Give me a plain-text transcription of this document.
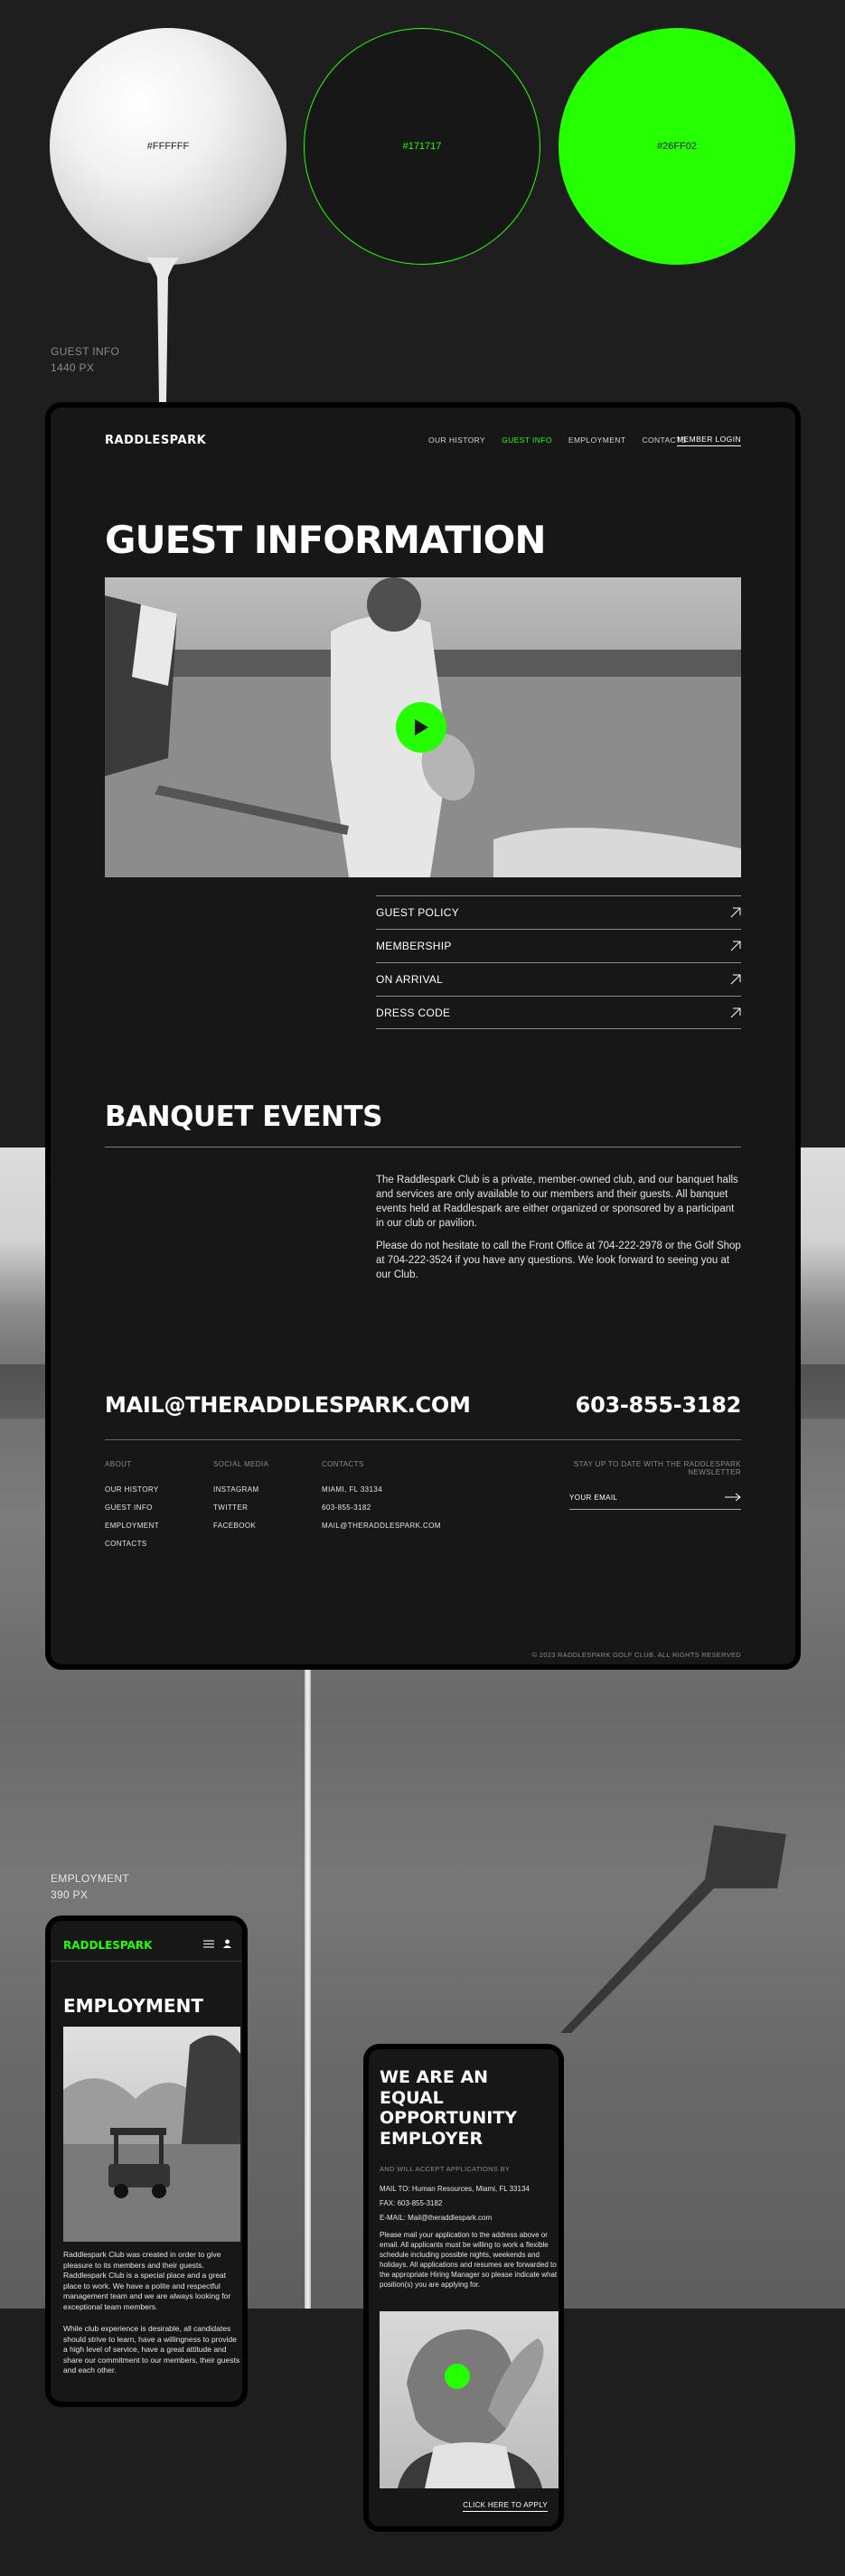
#FFFFFF	#171717	#26FF02
GUEST INFO
1440 PX
EMPLOYMENT
390 PX
RADDLESPARK	OUR HISTORY GUEST INFO EMPLOYMENT CONTACTS
MEMBER LOGIN
GUEST INFORMATION
GUEST POLICY
MEMBERSHIP
ON ARRIVAL
DRESS CODE
BANQUET EVENTS

The Raddlespark Club is a private, member-owned club, and our banquet halls and services are only available to our members and their guests. All banquet events held at Raddlespark are either organized or sponsored by a participant in our club or pavilion.

Please do not hesitate to call the Front Office at 704-222-2978 or the Golf Shop at 704-222-3524 if you have any questions. We look forward to seeing you at our Club.

MAIL@THERADDLESPARK.COM	603-855-3182
ABOUT
OUR HISTORY
GUEST INFO
EMPLOYMENT
CONTACTS
SOCIAL MEDIA
INSTAGRAM
TWITTER
FACEBOOK
CONTACTS
MIAMI, FL 33134
603-855-3182
MAIL@THERADDLESPARK.COM
STAY UP TO DATE WITH THE RADDLESPARK NEWSLETTER
YOUR EMAIL
© 2023 RADDLESPARK GOLF CLUB. ALL RIGHTS RESERVED
RADDLESPARK
EMPLOYMENT

Raddlespark Club was created in order to give pleasure to its members and their guests. Raddlespark Club is a special place and a great place to work. We have a polite and respectful management team and we are always looking for exceptional team members.

While club experience is desirable, all candidates should strive to learn, have a willingness to provide a high level of service, have a great attitude and share our commitment to our members, their guests and each other.

WE ARE AN EQUAL OPPORTUNITY EMPLOYER
AND WILL ACCEPT APPLICATIONS BY
MAIL TO: Human Resources, Miami, FL 33134
FAX: 603-855-3182
E-MAIL: Mail@theraddlespark.com

Please mail your application to the address above or email. All applicants must be willing to work a flexible schedule including possible nights, weekends and holidays. All applications and resumes are forwarded to the appropriate Hiring Manager so please indicate what position(s) you are applying for.

CLICK HERE TO APPLY
